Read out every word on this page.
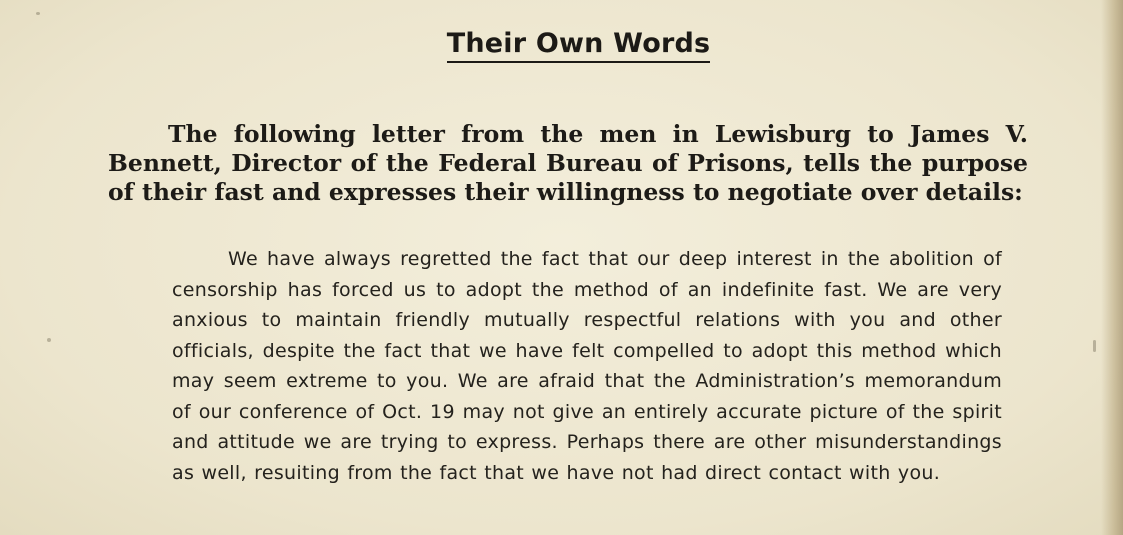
Their Own Words

The following letter from the men in Lewisburg to James V. Bennett, Director of the Federal Bureau of Prisons, tells the purpose of their fast and expresses their willingness to negotiate over details:

We have always regretted the fact that our deep interest in the abolition of censorship has forced us to adopt the method of an indefinite fast. We are very anxious to maintain friendly mutually respectful relations with you and other officials, despite the fact that we have felt compelled to adopt this method which may seem extreme to you. We are afraid that the Administration’s memorandum of our conference of Oct. 19 may not give an entirely accurate picture of the spirit and attitude we are trying to express. Perhaps there are other misunderstandings as well, resuiting from the fact that we have not had direct contact with you.
